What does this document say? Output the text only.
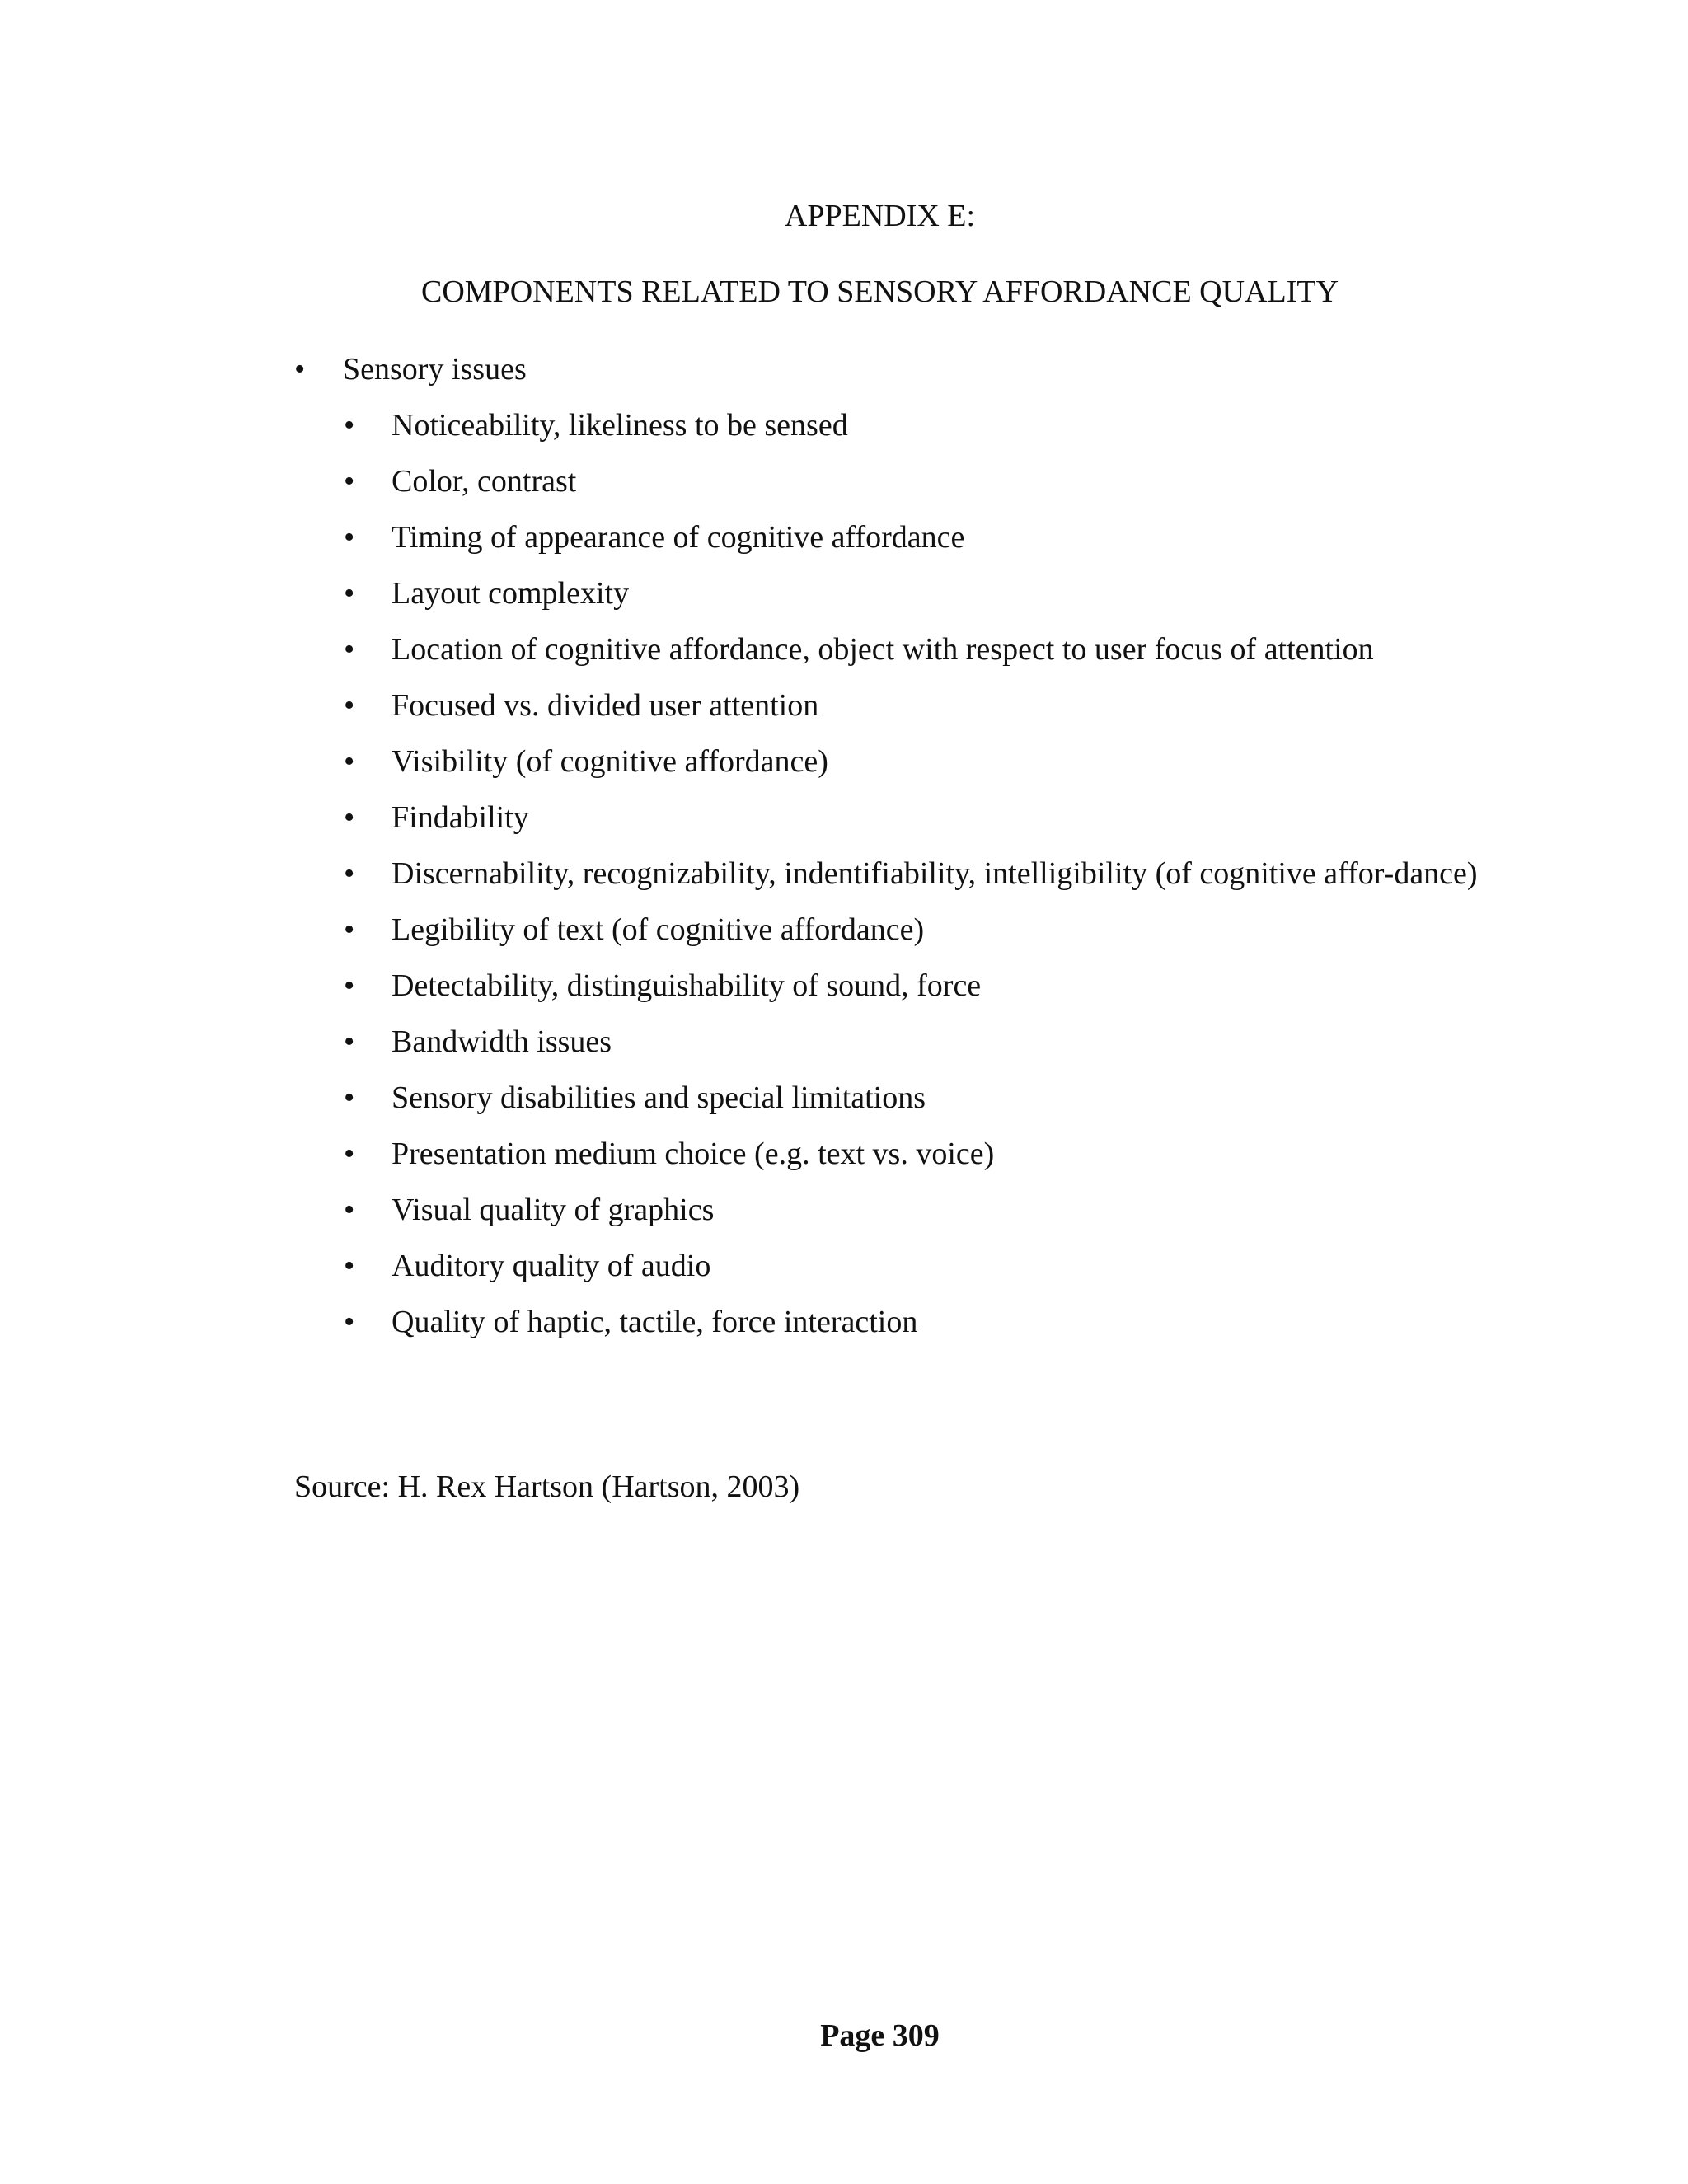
APPENDIX E:
COMPONENTS RELATED TO SENSORY AFFORDANCE QUALITY
• Sensory issues
• Noticeability, likeliness to be sensed
• Color, contrast
• Timing of appearance of cognitive affordance
• Layout complexity
• Location of cognitive affordance, object with respect to user focus of attention
• Focused vs. divided user attention
• Visibility (of cognitive affordance)
• Findability
• Discernability, recognizability, indentifiability, intelligibility (of cognitive affor-dance)
• Legibility of text (of cognitive affordance)
• Detectability, distinguishability of sound, force
• Bandwidth issues
• Sensory disabilities and special limitations
• Presentation medium choice (e.g. text vs. voice)
• Visual quality of graphics
• Auditory quality of audio
• Quality of haptic, tactile, force interaction
Source: H. Rex Hartson (Hartson, 2003)
Page 309
